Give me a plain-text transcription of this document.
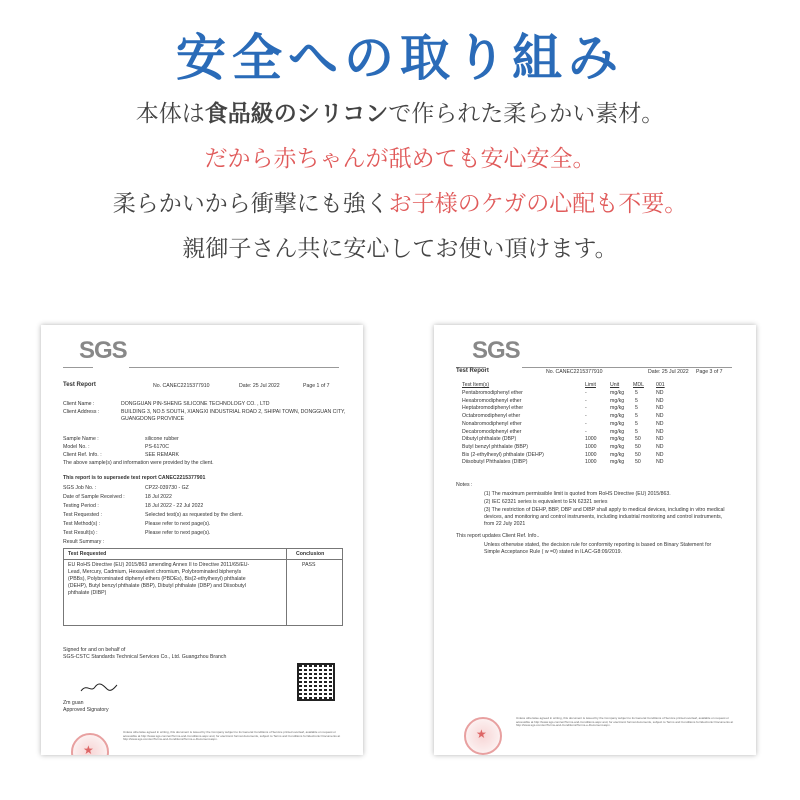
安全への取り組み
本体は食品級のシリコンで作られた柔らかい素材。
だから赤ちゃんが舐めても安心安全。
柔らかいから衝撃にも強くお子様のケガの心配も不要。
親御子さん共に安心してお使い頂けます。
SGS
Test Report	No. CANEC2215377910	Date: 25 Jul 2022	Page 1 of 7
Client Name :	DONGGUAN PIN-SHENG SILICONE TECHNOLOGY CO. , LTD
Client Address :	BUILDING 3, NO.5 SOUTH, XIANGXI INDUSTRIAL ROAD 2, SHIPAI TOWN, DONGGUAN CITY,
GUANGDONG PROVINCE
Sample Name :	silicone rubber
Model No. :	PS-6170C
Client Ref. Info. :	SEE REMARK
The above sample(s) and information were provided by the client.
This report is to supersede test report CANEC2215377901
SGS Job No. :	CP22-039730 - GZ
Date of Sample Received :	18 Jul 2022
Testing Period :	18 Jul 2022 - 22 Jul 2022
Test Requested :	Selected test(s) as requested by the client.
Test Method(s) :	Please refer to next page(s).
Test Result(s) :	Please refer to next page(s).
Result Summary :
Test Requested	Conclusion
EU RoHS Directive (EU) 2015/863 amending Annex II to Directive 2011/65/EU-
Lead, Mercury, Cadmium, Hexavalent chromium, Polybrominated biphenyls
(PBBs), Polybrominated diphenyl ethers (PBDEs), Bis(2-ethylhexyl) phthalate
(DEHP), Butyl benzyl phthalate (BBP), Dibutyl phthalate (DBP) and Diisobutyl
phthalate (DIBP)
PASS
Signed for and on behalf of
SGS-CSTC Standards Technical Services Co., Ltd. Guangzhou Branch
Zm guan
Approved Signatory
★
Unless otherwise agreed in writing, this document is issued by the Company subject to its General Conditions of Service printed overleaf, available on request or accessible at http://www.sgs.com/en/Terms-and-Conditions.aspx and, for electronic format documents, subject to Terms and Conditions for Electronic Documents at http://www.sgs.com/en/Terms-and-Conditions/Terms-e-Document.aspx.
SGS
Test Report	No. CANEC2215377910	Date: 25 Jul 2022 Page 3 of 7
Test Item(s)	Limit	Unit	MDL 001
Pentabromodiphenyl ether	-	mg/kg 5	ND
Hexabromodiphenyl ether	-	mg/kg 5	ND
Heptabromodiphenyl ether	-	mg/kg 5	ND
Octabromodiphenyl ether	-	mg/kg 5	ND
Nonabromodiphenyl ether	-	mg/kg 5	ND
Decabromodiphenyl ether	-	mg/kg 5	ND
Dibutyl phthalate (DBP)	1000	mg/kg 50	ND
Butyl benzyl phthalate (BBP)	1000	mg/kg 50	ND
Bis (2-ethylhexyl) phthalate (DEHP)	1000	mg/kg 50	ND
Diisobutyl Phthalates (DIBP)	1000	mg/kg 50	ND
Notes :
(1) The maximum permissible limit is quoted from RoHS Directive (EU) 2015/863.
(2) IEC 62321 series is equivalent to EN 62321 series
(3) The restriction of DEHP, BBP, DBP and DIBP shall apply to medical devices, including in vitro medical
devices, and monitoring and control instruments, including industrial monitoring and control instruments,
from 22 July 2021
This report updates Client Ref. Info..
Unless otherwise stated, the decision rule for conformity reporting is based on Binary Statement for
Simple Acceptance Rule ( w =0) stated in ILAC-G8:09/2019.
★
Unless otherwise agreed in writing, this document is issued by the Company subject to its General Conditions of Service printed overleaf, available on request or accessible at http://www.sgs.com/en/Terms-and-Conditions.aspx and, for electronic format documents, subject to Terms and Conditions for Electronic Documents at http://www.sgs.com/en/Terms-and-Conditions/Terms-e-Document.aspx.
